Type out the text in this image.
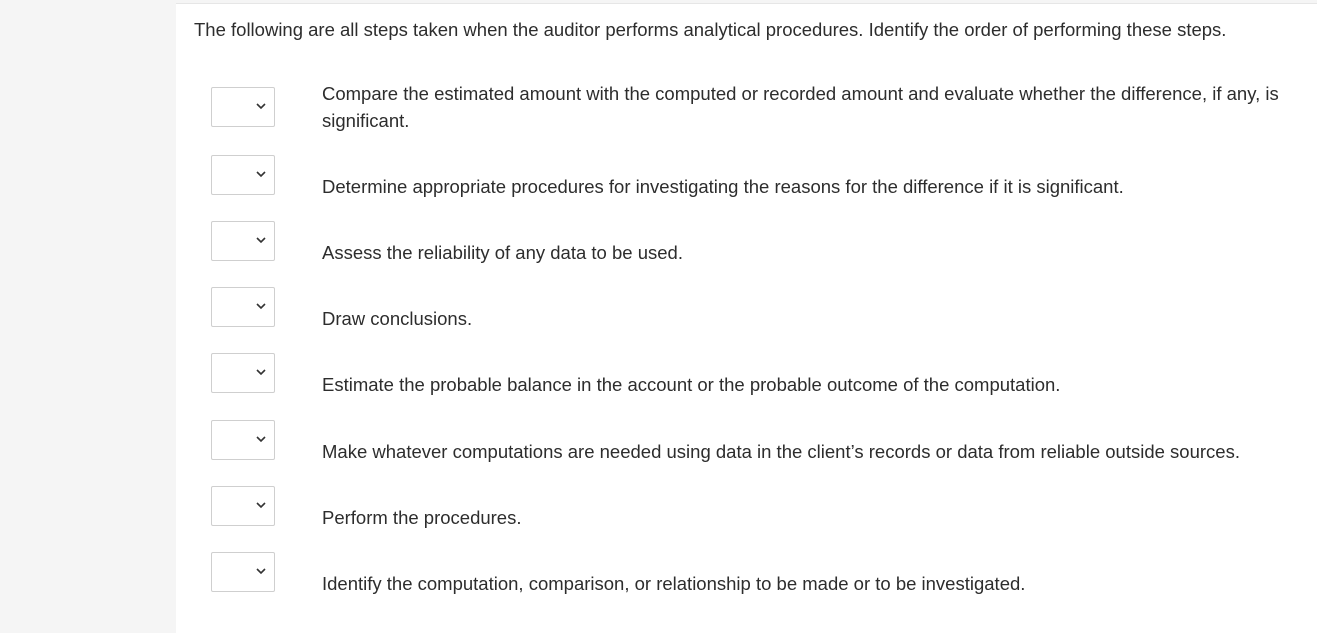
The following are all steps taken when the auditor performs analytical procedures. Identify the order of performing these steps.
Compare the estimated amount with the computed or recorded amount and evaluate whether the difference, if any, is significant.
Determine appropriate procedures for investigating the reasons for the difference if it is significant.
Assess the reliability of any data to be used.
Draw conclusions.
Estimate the probable balance in the account or the probable outcome of the computation.
Make whatever computations are needed using data in the client’s records or data from reliable outside sources.
Perform the procedures.
Identify the computation, comparison, or relationship to be made or to be investigated.
